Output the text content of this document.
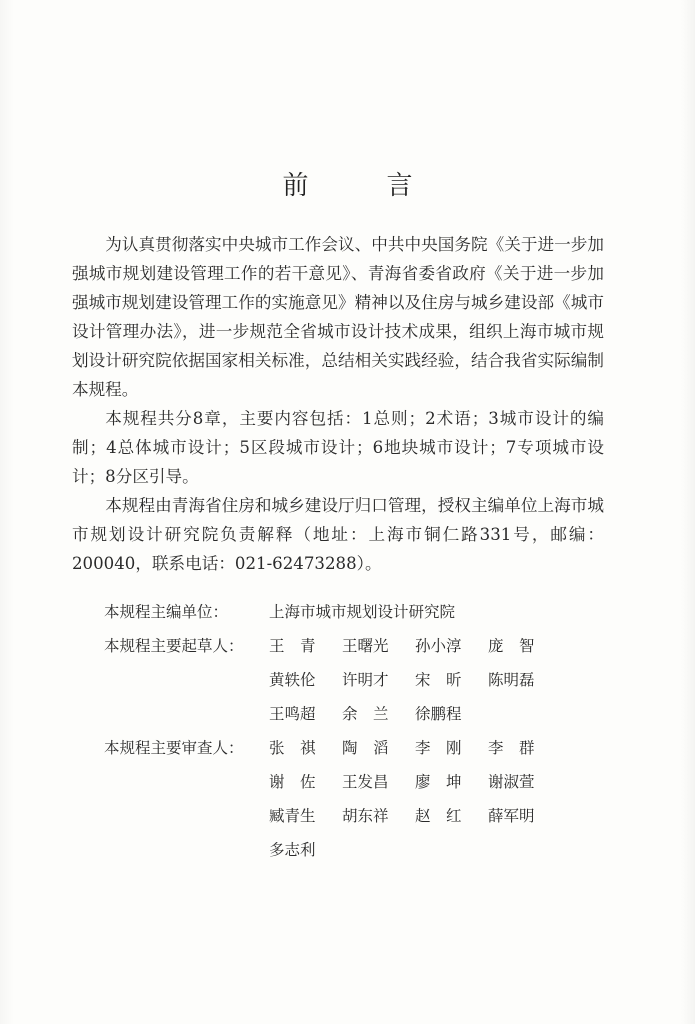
前　言

为认真贯彻落实中央城市工作会议、中共中央国务院《关于进一步加强城市规划建设管理工作的若干意见》、青海省委省政府《关于进一步加强城市规划建设管理工作的实施意见》精神以及住房与城乡建设部《城市设计管理办法》，进一步规范全省城市设计技术成果，组织上海市城市规划设计研究院依据国家相关标准，总结相关实践经验，结合我省实际编制本规程。

本规程共分8章，主要内容包括：1总则；2术语；3城市设计的编制；4总体城市设计；5区段城市设计；6地块城市设计；7专项城市设计；8分区引导。

本规程由青海省住房和城乡建设厅归口管理，授权主编单位上海市城市规划设计研究院负责解释（地址：上海市铜仁路331号，邮编：200040，联系电话：021-62473288）。

本规程主编单位：	上海市城市规划设计研究院
本规程主要起草人：	王　青	王曙光	孙小淳	庞　智
黄轶伦	许明才	宋　昕	陈明磊
王鸣超	余　兰	徐鹏程
本规程主要审查人：	张　祺	陶　滔	李　刚	李　群
谢　佐	王发昌	廖　坤	谢淑萱
臧青生	胡东祥	赵　红	薛军明
多志利
